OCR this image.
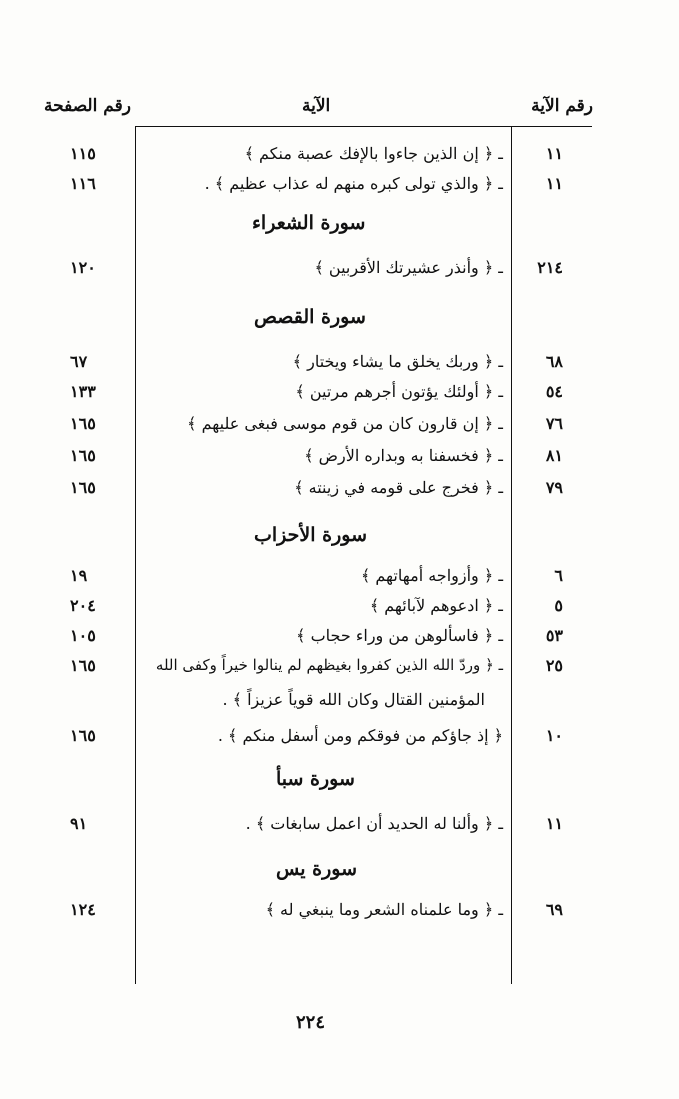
رقم الآية
الآية
رقم الصفحة
١١
ـ ﴿ إن الذين جاءوا بالإفك عصبة منكم ﴾
١١٥
١١
ـ ﴿ والذي تولى كبره منهم له عذاب عظيم ﴾ .
١١٦
سورة الشعراء
٢١٤
ـ ﴿ وأنذر عشيرتك الأقربين ﴾
١٢٠
سورة القصص
٦٨
ـ ﴿ وربك يخلق ما يشاء ويختار ﴾
٦٧
٥٤
ـ ﴿ أولئك يؤتون أجرهم مرتين ﴾
١٣٣
٧٦
ـ ﴿ إن قارون كان من قوم موسى فبغى عليهم ﴾
١٦٥
٨١
ـ ﴿ فخسفنا به وبداره الأرض ﴾
١٦٥
٧٩
ـ ﴿ فخرج على قومه في زينته ﴾
١٦٥
سورة الأحزاب
٦
ـ ﴿ وأزواجه أمهاتهم ﴾
١٩
٥
ـ ﴿ ادعوهم لآبائهم ﴾
٢٠٤
٥٣
ـ ﴿ فاسألوهن من وراء حجاب ﴾
١٠٥
٢٥
ـ ﴿ وردّ الله الذين كفروا بغيظهم لم ينالوا خيراً وكفى الله
١٦٥
المؤمنين القتال وكان الله قوياً عزيزاً ﴾ .
١٠
﴿ إذ جاؤكم من فوقكم ومن أسفل منكم ﴾ .
١٦٥
سورة سبأ
١١
ـ ﴿ وألنا له الحديد أن اعمل سابغات ﴾ .
٩١
سورة يس
٦٩
ـ ﴿ وما علمناه الشعر وما ينبغي له ﴾
١٢٤
٢٢٤
